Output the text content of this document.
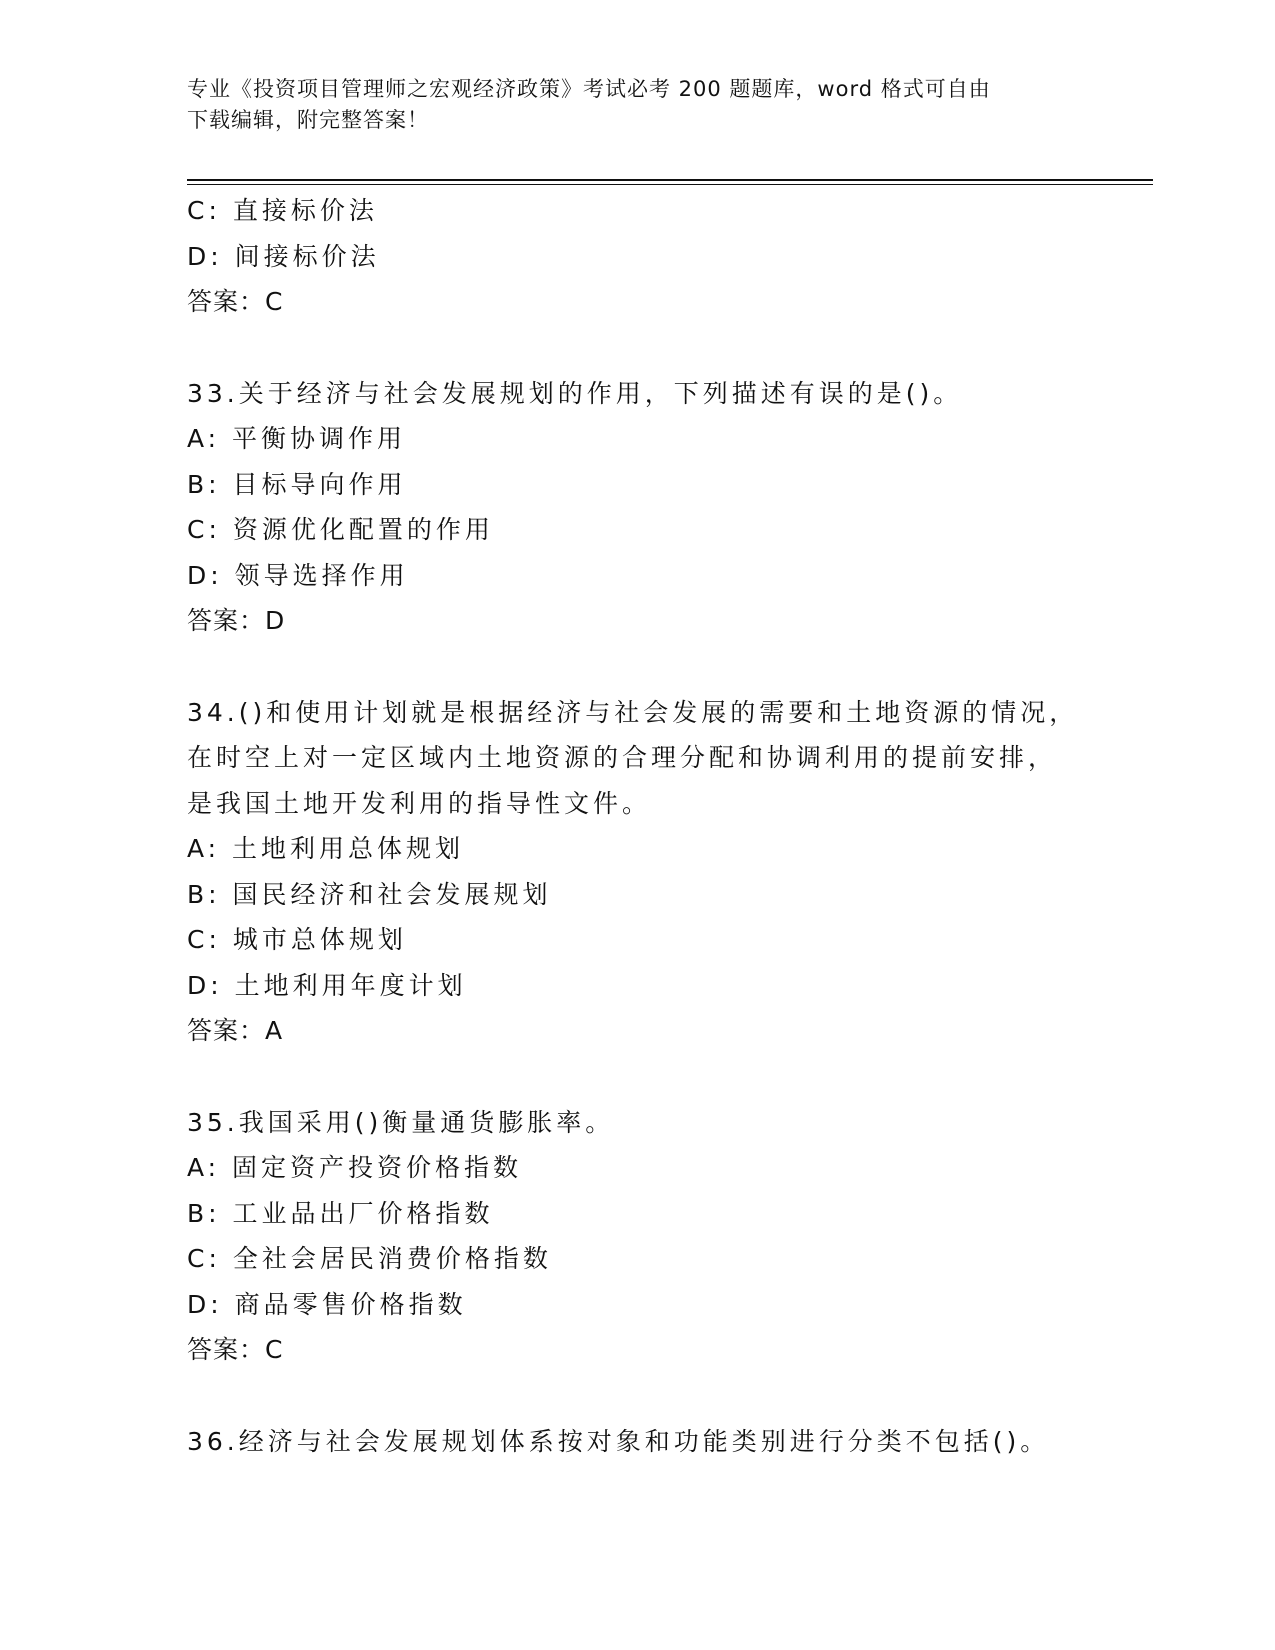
专业《投资项目管理师之宏观经济政策》考试必考 200 题题库，word 格式可自由
下载编辑，附完整答案！
C: 直接标价法
D: 间接标价法
答案：C
33.关于经济与社会发展规划的作用，下列描述有误的是()。
A: 平衡协调作用
B: 目标导向作用
C: 资源优化配置的作用
D: 领导选择作用
答案：D
34.()和使用计划就是根据经济与社会发展的需要和土地资源的情况，
在时空上对一定区域内土地资源的合理分配和协调利用的提前安排，
是我国土地开发利用的指导性文件。
A: 土地利用总体规划
B: 国民经济和社会发展规划
C: 城市总体规划
D: 土地利用年度计划
答案：A
35.我国采用()衡量通货膨胀率。
A: 固定资产投资价格指数
B: 工业品出厂价格指数
C: 全社会居民消费价格指数
D: 商品零售价格指数
答案：C
36.经济与社会发展规划体系按对象和功能类别进行分类不包括()。
